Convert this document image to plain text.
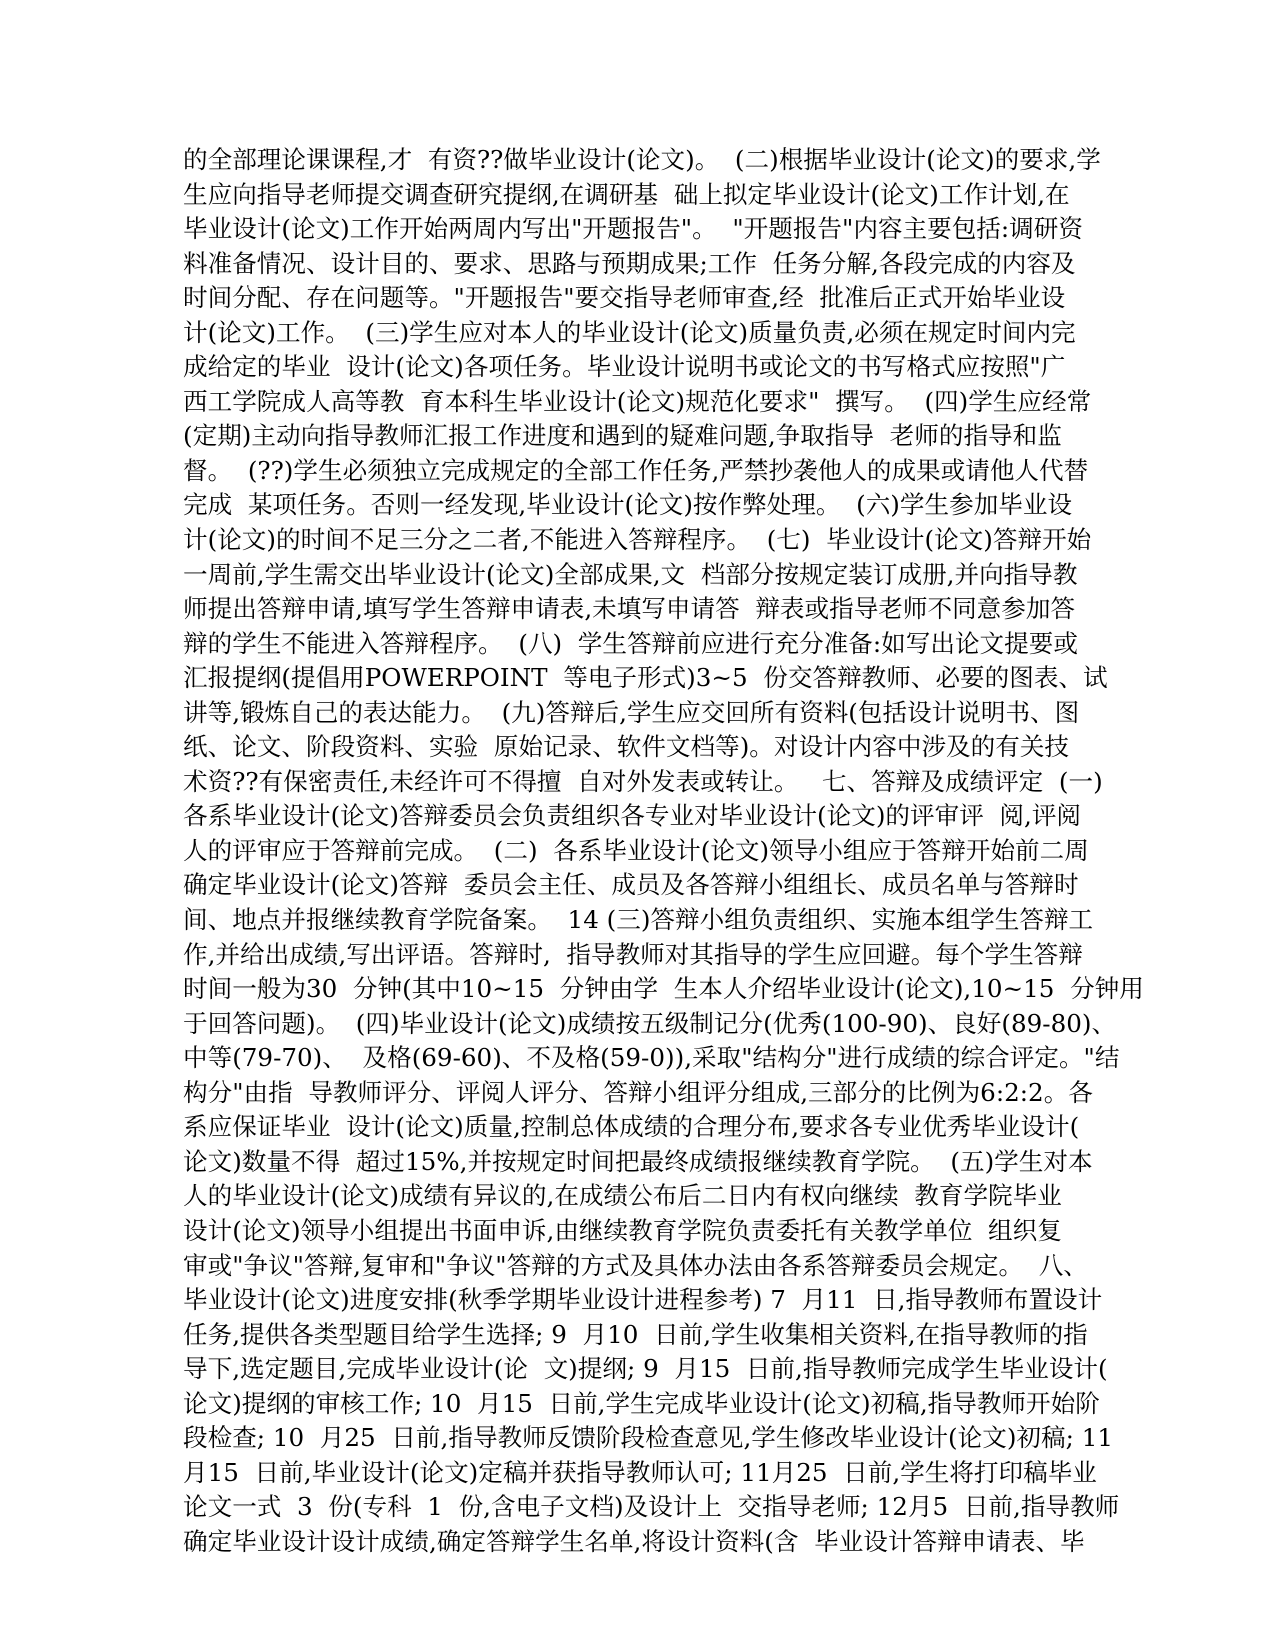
的全部理论课课程,才  有资??做毕业设计(论文)。  (二)根据毕业设计(论文)的要求,学
生应向指导老师提交调查研究提纲,在调研基  础上拟定毕业设计(论文)工作计划,在
毕业设计(论文)工作开始两周内写出"开题报告"。  "开题报告"内容主要包括:调研资
料准备情况、设计目的、要求、思路与预期成果;工作  任务分解,各段完成的内容及
时间分配、存在问题等。"开题报告"要交指导老师审查,经  批准后正式开始毕业设
计(论文)工作。  (三)学生应对本人的毕业设计(论文)质量负责,必须在规定时间内完
成给定的毕业  设计(论文)各项任务。毕业设计说明书或论文的书写格式应按照"广
西工学院成人高等教  育本科生毕业设计(论文)规范化要求"  撰写。  (四)学生应经常
(定期)主动向指导教师汇报工作进度和遇到的疑难问题,争取指导  老师的指导和监
督。  (??)学生必须独立完成规定的全部工作任务,严禁抄袭他人的成果或请他人代替
完成  某项任务。否则一经发现,毕业设计(论文)按作弊处理。  (六)学生参加毕业设
计(论文)的时间不足三分之二者,不能进入答辩程序。  (七)  毕业设计(论文)答辩开始
一周前,学生需交出毕业设计(论文)全部成果,文  档部分按规定装订成册,并向指导教
师提出答辩申请,填写学生答辩申请表,未填写申请答  辩表或指导老师不同意参加答
辩的学生不能进入答辩程序。  (八)  学生答辩前应进行充分准备:如写出论文提要或
汇报提纲(提倡用POWERPOINT  等电子形式)3~5  份交答辩教师、必要的图表、试
讲等,锻炼自己的表达能力。  (九)答辩后,学生应交回所有资料(包括设计说明书、图
纸、论文、阶段资料、实验  原始记录、软件文档等)。对设计内容中涉及的有关技
术资??有保密责任,未经许可不得擅  自对外发表或转让。   七、答辩及成绩评定  (一)
各系毕业设计(论文)答辩委员会负责组织各专业对毕业设计(论文)的评审评  阅,评阅
人的评审应于答辩前完成。  (二)  各系毕业设计(论文)领导小组应于答辩开始前二周
确定毕业设计(论文)答辩  委员会主任、成员及各答辩小组组长、成员名单与答辩时
间、地点并报继续教育学院备案。  14 (三)答辩小组负责组织、实施本组学生答辩工
作,并给出成绩,写出评语。答辩时,  指导教师对其指导的学生应回避。每个学生答辩
时间一般为30  分钟(其中10~15  分钟由学  生本人介绍毕业设计(论文),10~15  分钟用
于回答问题)。  (四)毕业设计(论文)成绩按五级制记分(优秀(100-90)、良好(89-80)、
中等(79-70)、  及格(69-60)、不及格(59-0)),采取"结构分"进行成绩的综合评定。"结
构分"由指  导教师评分、评阅人评分、答辩小组评分组成,三部分的比例为6:2:2。各
系应保证毕业  设计(论文)质量,控制总体成绩的合理分布,要求各专业优秀毕业设计(
论文)数量不得  超过15%,并按规定时间把最终成绩报继续教育学院。  (五)学生对本
人的毕业设计(论文)成绩有异议的,在成绩公布后二日内有权向继续  教育学院毕业
设计(论文)领导小组提出书面申诉,由继续教育学院负责委托有关教学单位  组织复
审或"争议"答辩,复审和"争议"答辩的方式及具体办法由各系答辩委员会规定。  八、
毕业设计(论文)进度安排(秋季学期毕业设计进程参考) 7  月11  日,指导教师布置设计
任务,提供各类型题目给学生选择; 9  月10  日前,学生收集相关资料,在指导教师的指
导下,选定题目,完成毕业设计(论  文)提纲; 9  月15  日前,指导教师完成学生毕业设计(
论文)提纲的审核工作; 10  月15  日前,学生完成毕业设计(论文)初稿,指导教师开始阶
段检查; 10  月25  日前,指导教师反馈阶段检查意见,学生修改毕业设计(论文)初稿; 11
月15  日前,毕业设计(论文)定稿并获指导教师认可; 11月25  日前,学生将打印稿毕业
论文一式  3  份(专科  1  份,含电子文档)及设计上  交指导老师; 12月5  日前,指导教师
确定毕业设计设计成绩,确定答辩学生名单,将设计资料(含  毕业设计答辩申请表、毕
